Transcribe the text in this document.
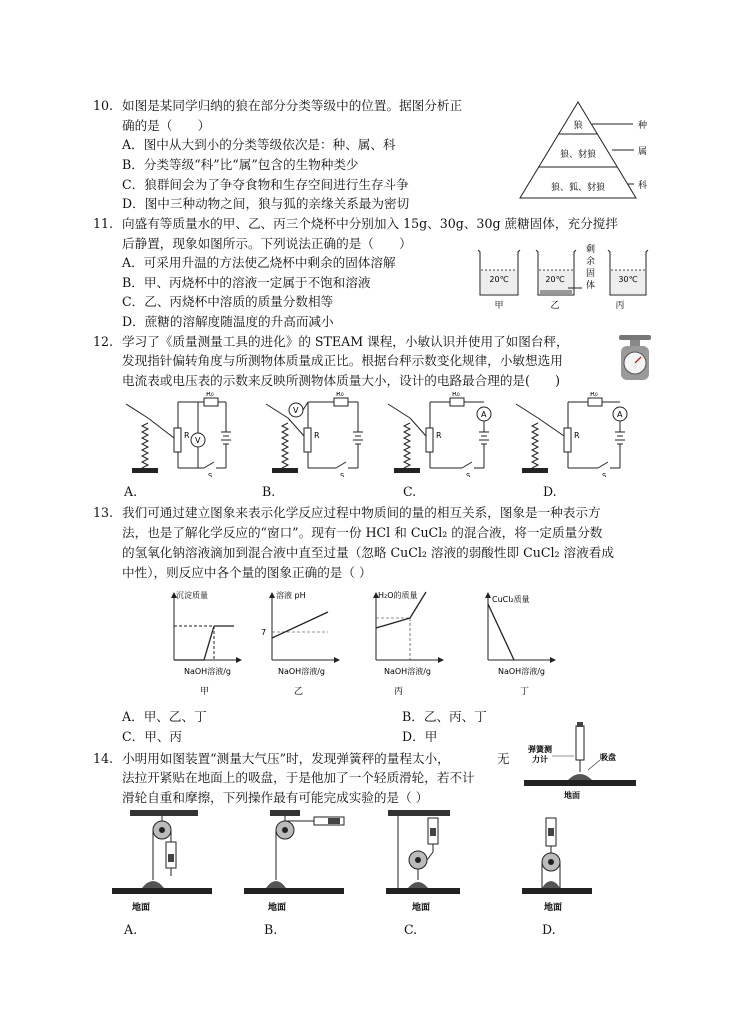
10. 如图是某同学归纳的狼在部分分类等级中的位置。据图分析正
确的是（　　）
A．图中从大到小的分类等级依次是：种、属、科
B．分类等级“科”比“属”包含的生物种类少
C．狼群间会为了争夺食物和生存空间进行生存斗争
D．图中三种动物之间，狼与狐的亲缘关系最为密切
狼
狼、豺狼
狼、狐、豺狼
种
属
科
11. 向盛有等质量水的甲、乙、丙三个烧杯中分别加入 15g、30g、30g 蔗糖固体，充分搅拌
后静置，现象如图所示。下列说法正确的是（　　）
A．可采用升温的方法使乙烧杯中剩余的固体溶解
B．甲、丙烧杯中的溶液一定属于不饱和溶液
C．乙、丙烧杯中溶质的质量分数相等
D．蔗糖的溶解度随温度的升高而减小
20℃
甲
20℃
乙
剩
余
固
体
30℃
丙
12. 学习了《质量测量工具的进化》的 STEAM 课程，小敏认识并使用了如图台秤，
发现指针偏转角度与所测物体质量成正比。根据台秤示数变化规律，小敏想选用
电流表或电压表的示数来反映所测物体质量大小，设计的电路最合理的是(　　)
R
R₀
S
V
R
V
R₀
S
R
R₀
A
S
R
R₀
A
S
A.	B.	C.	D.
13. 我们可通过建立图象来表示化学反应过程中物质间的量的相互关系，图象是一种表示方
法，也是了解化学反应的“窗口”。现有一份 HCl 和 CuCl₂ 的混合液，将一定质量分数
的氢氧化钠溶液滴加到混合液中直至过量（忽略 CuCl₂ 溶液的弱酸性即 CuCl₂ 溶液看成
中性），则反应中各个量的图象正确的是（ ）
沉淀质量
NaOH溶液/g
甲
7
溶液 pH
NaOH溶液/g
乙
H₂O的质量
NaOH溶液/g
丙
CuCl₂质量
NaOH溶液/g
丁
A．甲、乙、丁	B．乙、丙、丁
C．甲、丙	D．甲
14. 小明用如图装置“测量大气压”时，发现弹簧秤的量程太小，	无
法拉开紧贴在地面上的吸盘，于是他加了一个轻质滑轮，若不计
滑轮自重和摩擦，下列操作最有可能完成实验的是（ ）
弹簧测
力计	吸盘
地面
地面	地面	地面	地面
A.	B.	C.	D.
